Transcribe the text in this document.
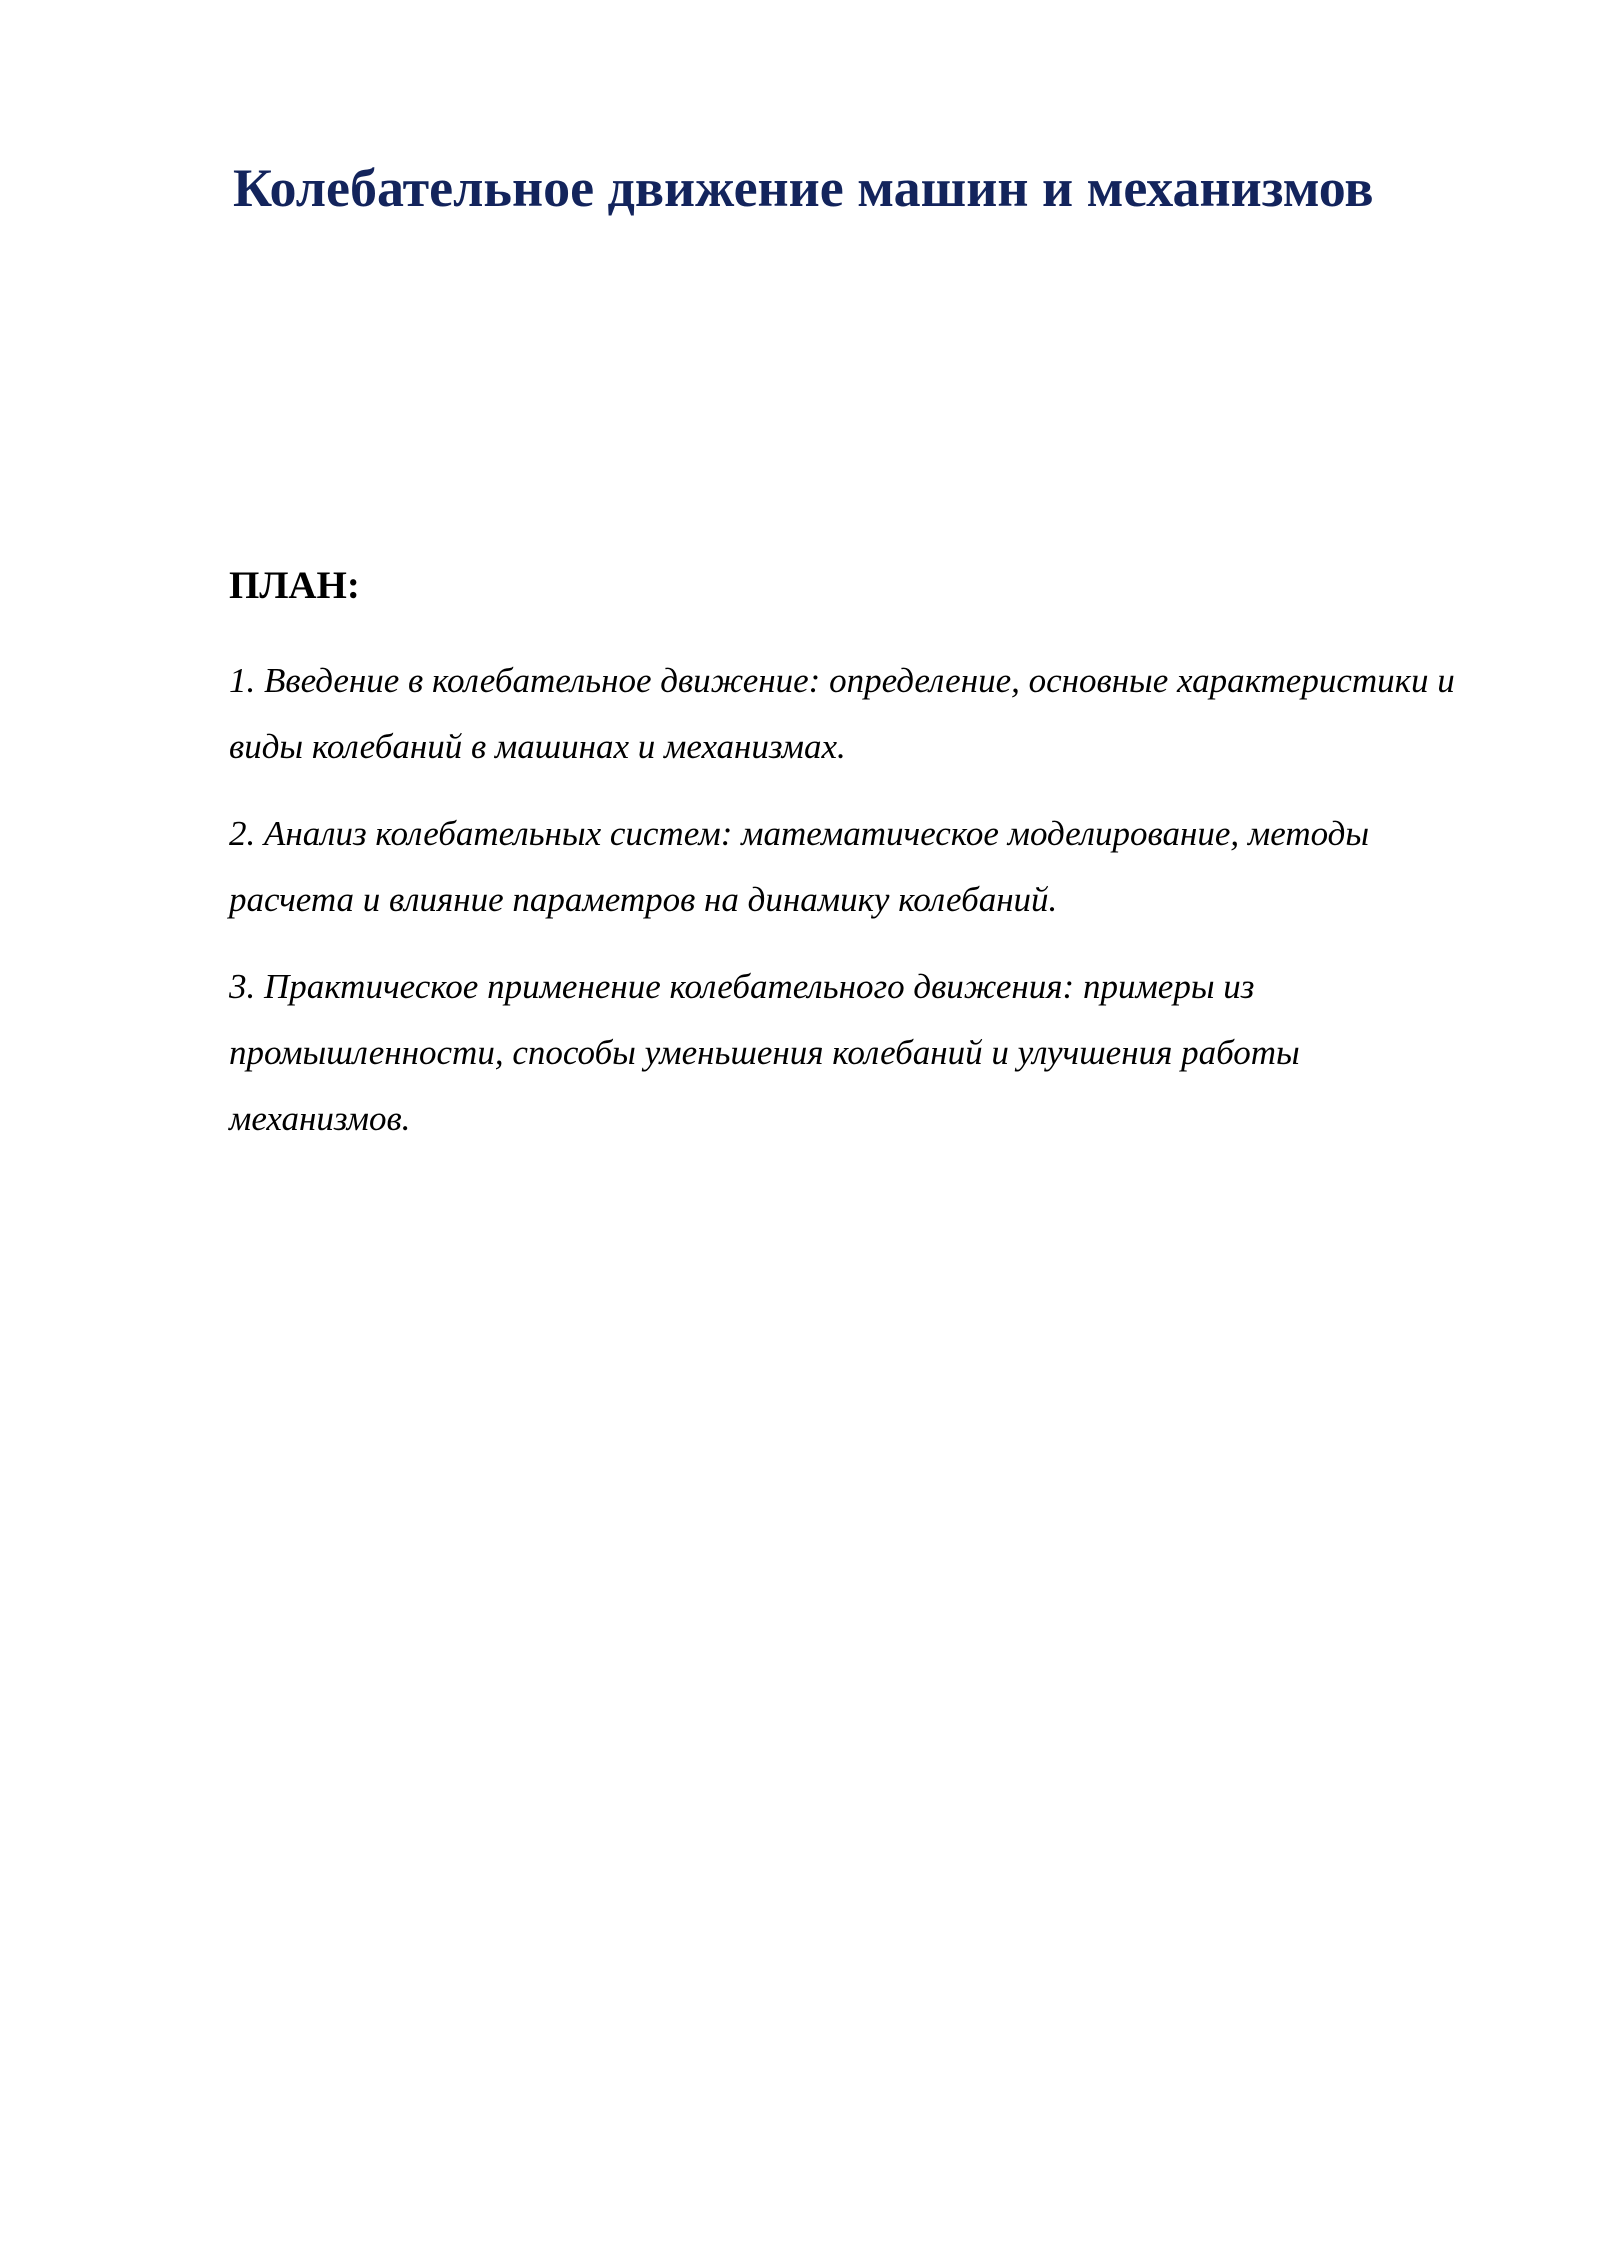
Колебательное движение машин и механизмов
ПЛАН:
1. Введение в колебательное движение: определение, основные характеристики и виды колебаний в машинах и механизмах.
2. Анализ колебательных систем: математическое моделирование, методы расчета и влияние параметров на динамику колебаний.
3. Практическое применение колебательного движения: примеры из промышленности, способы уменьшения колебаний и улучшения работы механизмов.
